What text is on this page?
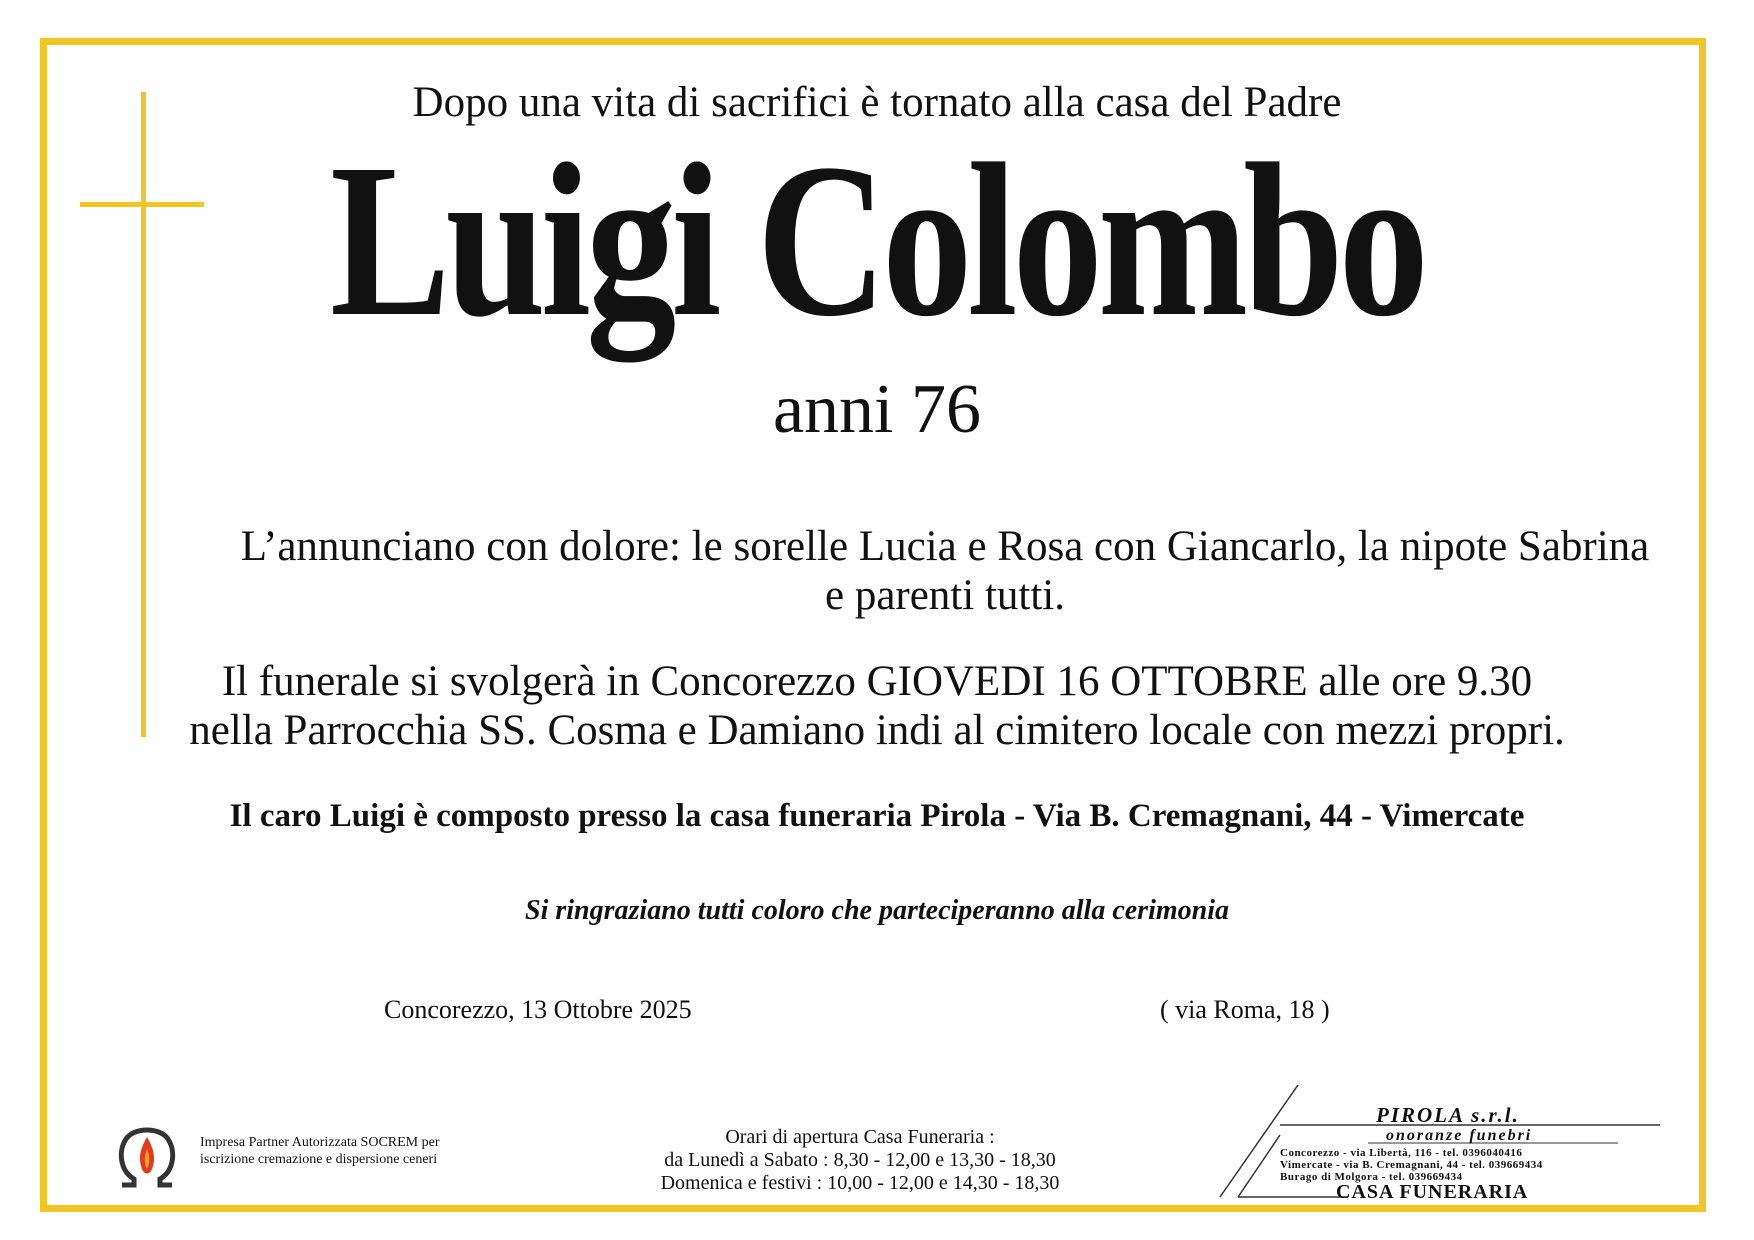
Dopo una vita di sacrifici è tornato alla casa del Padre
Luigi Colombo
anni 76
L’annunciano con dolore: le sorelle Lucia e Rosa con Giancarlo, la nipote Sabrina
e parenti tutti.
Il funerale si svolgerà in Concorezzo GIOVEDI 16 OTTOBRE alle ore 9.30
nella Parrocchia SS. Cosma e Damiano indi al cimitero locale con mezzi propri.
Il caro Luigi è composto presso la casa funeraria Pirola - Via B. Cremagnani, 44 - Vimercate
Si ringraziano tutti coloro che parteciperanno alla cerimonia
Concorezzo, 13 Ottobre 2025	( via Roma, 18 )
Impresa Partner Autorizzata SOCREM per
iscrizione cremazione e dispersione ceneri
Orari di apertura Casa Funeraria :
da Lunedì a Sabato : 8,30 - 12,00 e 13,30 - 18,30
Domenica e festivi : 10,00 - 12,00 e 14,30 - 18,30
PIROLA s.r.l.
onoranze funebri
Concorezzo - via Libertà, 116 - tel. 0396040416
Vimercate - via B. Cremagnani, 44 - tel. 039669434
Burago di Molgora - tel. 039669434
CASA FUNERARIA
